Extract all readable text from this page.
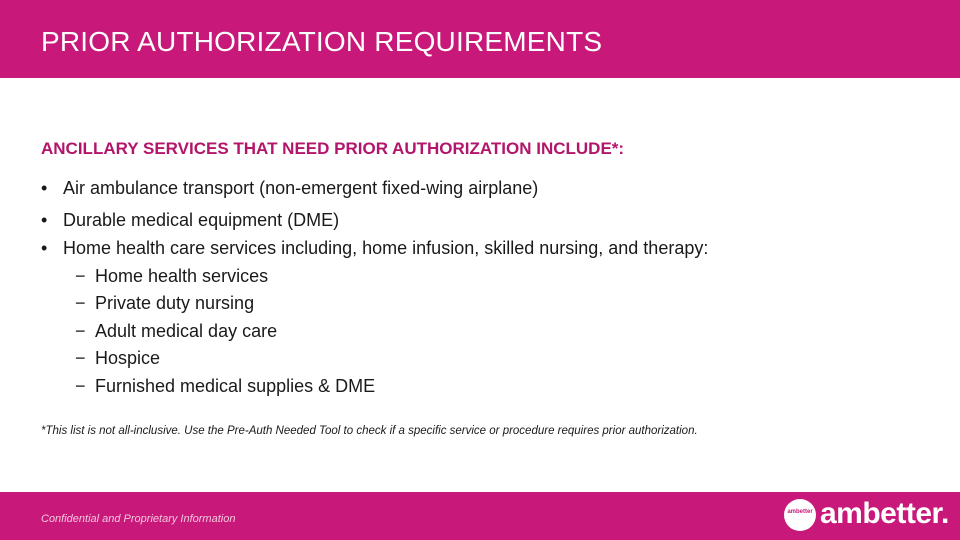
PRIOR AUTHORIZATION REQUIREMENTS
ANCILLARY SERVICES THAT NEED PRIOR AUTHORIZATION INCLUDE*:
• Air ambulance transport (non-emergent fixed-wing airplane)
• Durable medical equipment (DME)
• Home health care services including, home infusion, skilled nursing, and therapy:
− Home health services
− Private duty nursing
− Adult medical day care
− Hospice
− Furnished medical supplies & DME
*This list is not all-inclusive. Use the Pre-Auth Needed Tool to check if a specific service or procedure requires prior authorization.
Confidential and Proprietary Information
ambetter ambetter.
